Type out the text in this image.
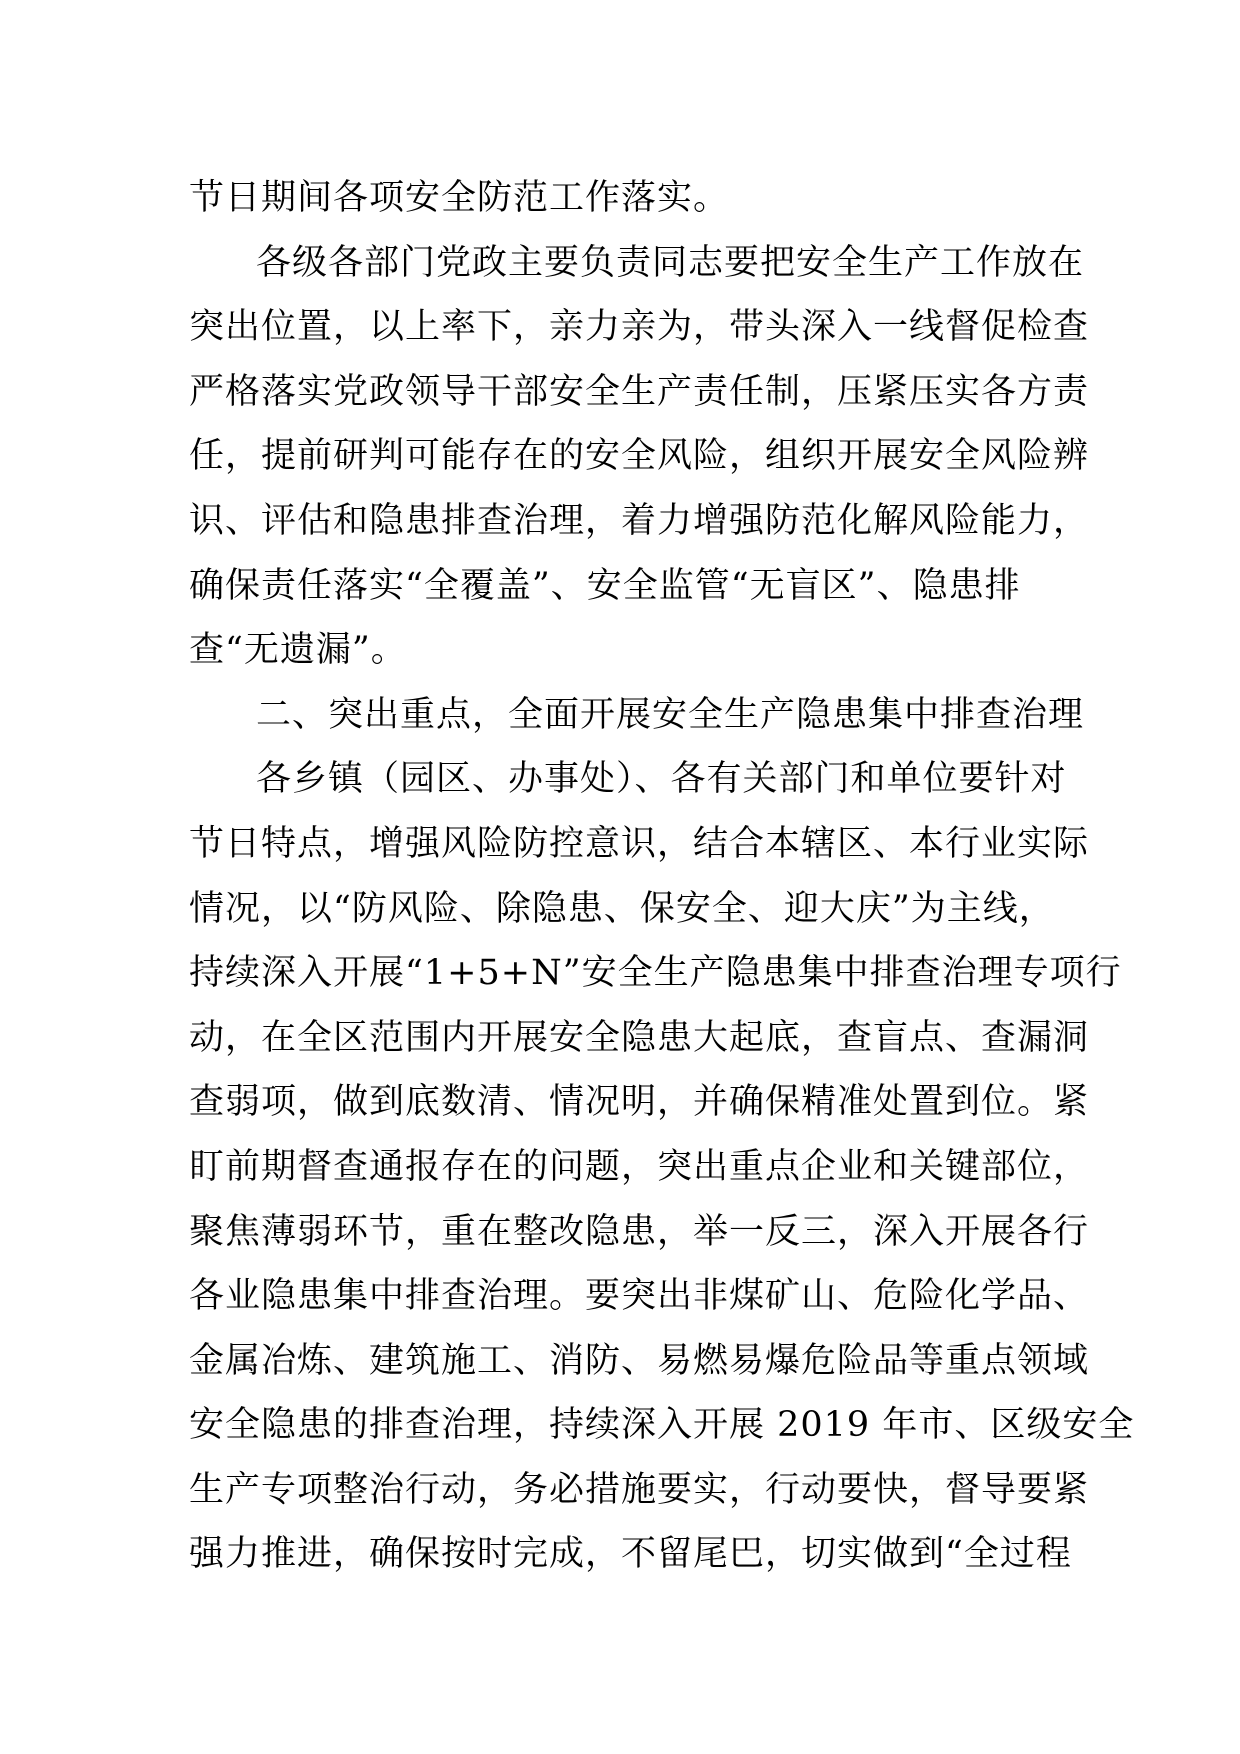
节日期间各项安全防范工作落实。
各级各部门党政主要负责同志要把安全生产工作放在
突出位置，以上率下，亲力亲为，带头深入一线督促检查
严格落实党政领导干部安全生产责任制，压紧压实各方责
任，提前研判可能存在的安全风险，组织开展安全风险辨
识、评估和隐患排查治理，着力增强防范化解风险能力，
确保责任落实“全覆盖”、安全监管“无盲区”、隐患排
查“无遗漏”。
二、突出重点，全面开展安全生产隐患集中排查治理
各乡镇（园区、办事处）、各有关部门和单位要针对
节日特点，增强风险防控意识，结合本辖区、本行业实际
情况，以“防风险、除隐患、保安全、迎大庆”为主线，
持续深入开展“1+5+N”安全生产隐患集中排查治理专项行
动，在全区范围内开展安全隐患大起底，查盲点、查漏洞
查弱项，做到底数清、情况明，并确保精准处置到位。紧
盯前期督查通报存在的问题，突出重点企业和关键部位，
聚焦薄弱环节，重在整改隐患，举一反三，深入开展各行
各业隐患集中排查治理。要突出非煤矿山、危险化学品、
金属冶炼、建筑施工、消防、易燃易爆危险品等重点领域
安全隐患的排查治理，持续深入开展 2019 年市、区级安全
生产专项整治行动，务必措施要实，行动要快，督导要紧
强力推进，确保按时完成，不留尾巴，切实做到“全过程
